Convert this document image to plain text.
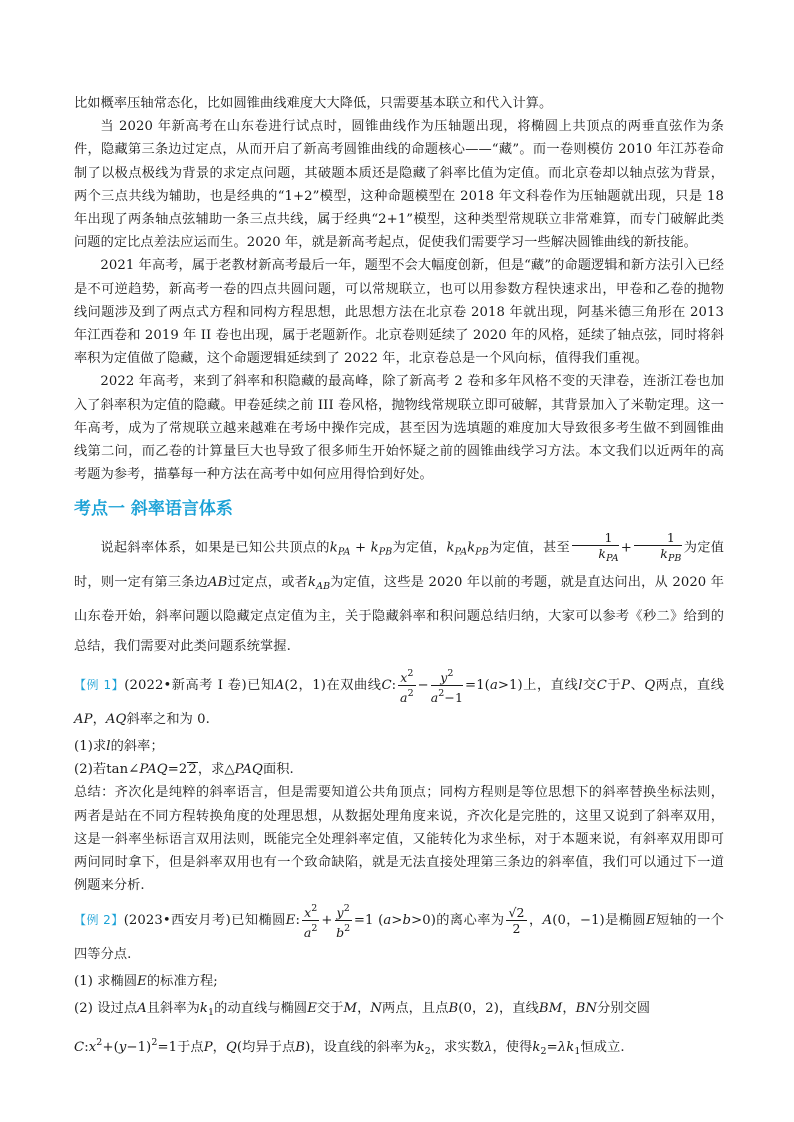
比如概率压轴常态化，比如圆锥曲线难度大大降低，只需要基本联立和代入计算。

当 2020 年新高考在山东卷进行试点时，圆锥曲线作为压轴题出现，将椭圆上共顶点的两垂直弦作为条件，隐藏第三条边过定点，从而开启了新高考圆锥曲线的命题核心——“藏”。而一卷则模仿 2010 年江苏卷命制了以极点极线为背景的求定点问题，其破题本质还是隐藏了斜率比值为定值。而北京卷却以轴点弦为背景，两个三点共线为辅助，也是经典的“1+2”模型，这种命题模型在 2018 年文科卷作为压轴题就出现，只是 18 年出现了两条轴点弦辅助一条三点共线，属于经典“2+1”模型，这种类型常规联立非常难算，而专门破解此类问题的定比点差法应运而生。2020 年，就是新高考起点，促使我们需要学习一些解决圆锥曲线的新技能。

2021 年高考，属于老教材新高考最后一年，题型不会大幅度创新，但是“藏”的命题逻辑和新方法引入已经是不可逆趋势，新高考一卷的四点共圆问题，可以常规联立，也可以用参数方程快速求出，甲卷和乙卷的抛物线问题涉及到了两点式方程和同构方程思想，此思想方法在北京卷 2018 年就出现，阿基米德三角形在 2013 年江西卷和 2019 年 II 卷也出现，属于老题新作。北京卷则延续了 2020 年的风格，延续了轴点弦，同时将斜率积为定值做了隐藏，这个命题逻辑延续到了 2022 年，北京卷总是一个风向标，值得我们重视。

2022 年高考，来到了斜率和积隐藏的最高峰，除了新高考 2 卷和多年风格不变的天津卷，连浙江卷也加入了斜率积为定值的隐藏。甲卷延续之前 III 卷风格，抛物线常规联立即可破解，其背景加入了米勒定理。这一年高考，成为了常规联立越来越难在考场中操作完成，甚至因为选填题的难度加大导致很多考生做不到圆锥曲线第二问，而乙卷的计算量巨大也导致了很多师生开始怀疑之前的圆锥曲线学习方法。本文我们以近两年的高考题为参考，描摹每一种方法在高考中如何应用得恰到好处。

考点一 斜率语言体系

说起斜率体系，如果是已知公共顶点的$k_{PA} + k_{PB}$为定值，$k_{PA}k_{PB}$为定值，甚至 $\frac{1}{k_{PA}} + \frac{1}{k_{PB}}$ 为定值时，则一定有第三条边AB过定点，或者$k_{AB}$为定值，这些是 2020 年以前的考题，就是直达问出，从 2020 年山东卷开始，斜率问题以隐藏定点定值为主，关于隐藏斜率和积问题总结归纳，大家可以参考《秒二》给到的总结，我们需要对此类问题系统掌握.

【例 1】(2022•新高考 I 卷)已知A(2，1)在双曲线C: $\frac{x^2}{a^2} - \frac{y^2}{a^2-1} =1(a>1)$上，直线l交C于P、Q两点，直线AP，AQ斜率之和为 0.

(1)求l的斜率；

(2)若tan∠PAQ=22，求△PAQ面积.

总结：齐次化是纯粹的斜率语言，但是需要知道公共角顶点；同构方程则是等位思想下的斜率替换坐标法则，两者是站在不同方程转换角度的处理思想，从数据处理角度来说，齐次化是完胜的，这里又说到了斜率双用，这是一斜率坐标语言双用法则，既能完全处理斜率定值，又能转化为求坐标，对于本题来说，有斜率双用即可两问同时拿下，但是斜率双用也有一个致命缺陷，就是无法直接处理第三条边的斜率值，我们可以通过下一道例题来分析.

【例 2】(2023•西安月考)已知椭圆E: $\frac{x^2}{a^2} + \frac{y^2}{b^2} =1$ (a>b>0)的离心率为 $\frac{√2}{2}$ ，A(0，−1)是椭圆E短轴的一个四等分点.

(1) 求椭圆E的标准方程;

(2) 设过点A且斜率为$k_1$的动直线与椭圆E交于M，N两点，且点B(0，2)，直线BM，BN分别交圆

$C:x^2+(y-1)^2=1$于点P，Q(均异于点B)，设直线的斜率为$k_2$，求实数λ，使得$k_2=\lambda k_1$恒成立.
